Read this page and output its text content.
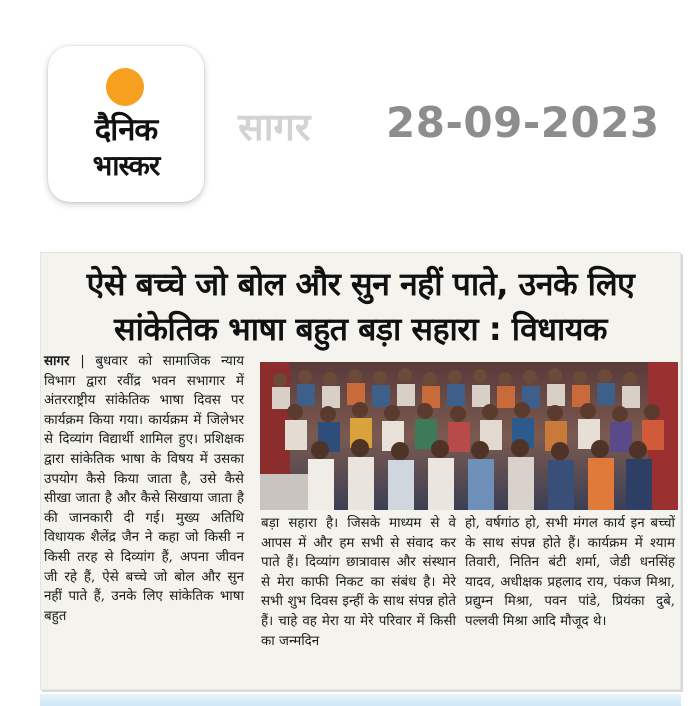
दैनिक
भास्कर
सागर 28-09-2023
ऐसे बच्चे जो बोल और सुन नहीं पाते, उनके लिए
सांकेतिक भाषा बहुत बड़ा सहारा : विधायक

सागर | बुधवार को सामाजिक न्याय विभाग द्वारा रवींद्र भवन सभागार में अंतरराष्ट्रीय सांकेतिक भाषा दिवस पर कार्यक्रम किया गया। कार्यक्रम में जिलेभर से दिव्यांग विद्यार्थी शामिल हुए। प्रशिक्षक द्वारा सांकेतिक भाषा के विषय में उसका उपयोग कैसे किया जाता है, उसे कैसे सीखा जाता है और कैसे सिखाया जाता है की जानकारी दी गई। मुख्य अतिथि विधायक शैलेंद्र जैन ने कहा जो किसी न किसी तरह से दिव्यांग हैं, अपना जीवन जी रहे हैं, ऐसे बच्चे जो बोल और सुन नहीं पाते हैं, उनके लिए सांकेतिक भाषा बहुत

बड़ा सहारा है। जिसके माध्यम से वे आपस में और हम सभी से संवाद कर पाते हैं। दिव्यांग छात्रावास और संस्थान से मेरा काफी निकट का संबंध है। मेरे सभी शुभ दिवस इन्हीं के साथ संपन्न होते हैं। चाहे वह मेरा या मेरे परिवार में किसी का जन्मदिन

हो, वर्षगांठ हो, सभी मंगल कार्य इन बच्चों के साथ संपन्न होते हैं। कार्यक्रम में श्याम तिवारी, नितिन बंटी शर्मा, जेडी धनसिंह यादव, अधीक्षक प्रहलाद राय, पंकज मिश्रा, प्रद्युम्न मिश्रा, पवन पांडे, प्रियंका दुबे, पल्लवी मिश्रा आदि मौजूद थे।
